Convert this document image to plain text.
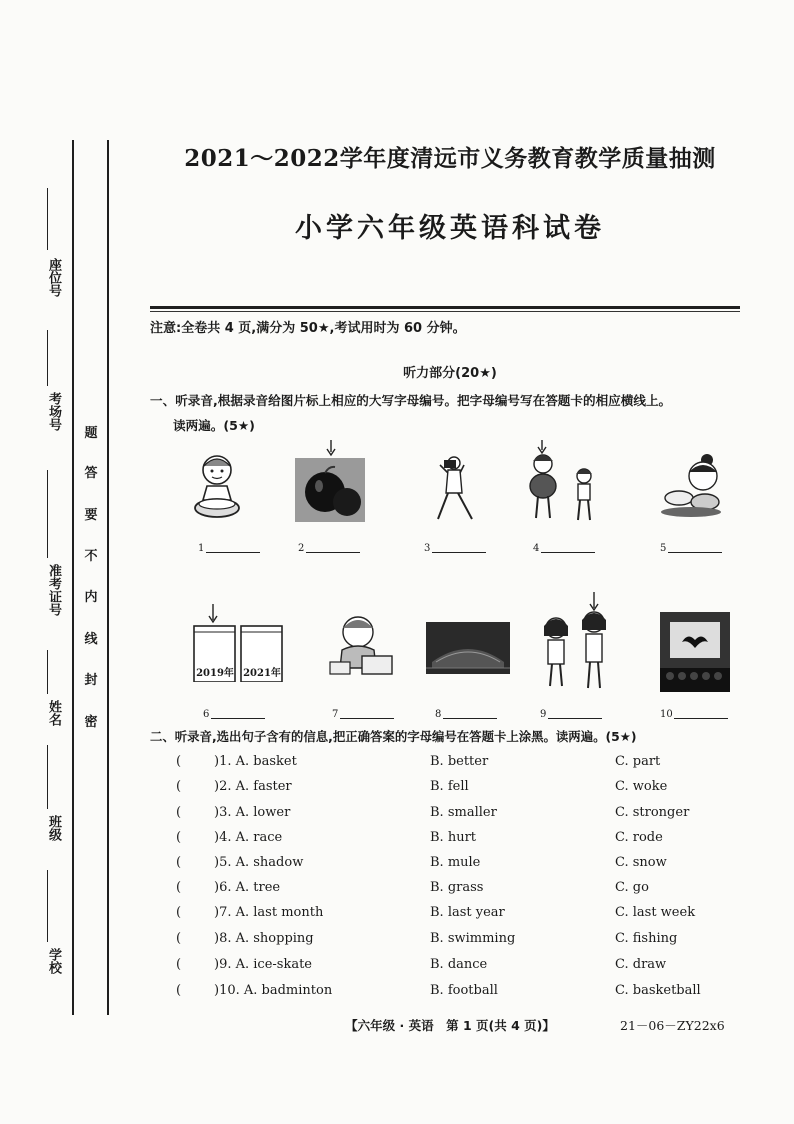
座位号
考场号
准考证号
姓名
班级
学校
题
答
要
不
内
线
封
密
2021～2022学年度清远市义务教育教学质量抽测
小学六年级英语科试卷
注意:全卷共 4 页,满分为 50★,考试用时为 60 分钟。
听力部分(20★)
一、听录音,根据录音给图片标上相应的大写字母编号。把字母编号写在答题卡的相应横线上。
读两遍。(5★)
1	2	3	4	5
2019年 2021年
6	7	8	9	10
二、听录音,选出句子含有的信息,把正确答案的字母编号在答题卡上涂黑。读两遍。(5★)
(	)1. A. basket	B. better	C. part
(	)2. A. faster	B. fell	C. woke
(	)3. A. lower	B. smaller	C. stronger
(	)4. A. race	B. hurt	C. rode
(	)5. A. shadow	B. mule	C. snow
(	)6. A. tree	B. grass	C. go
(	)7. A. last month	B. last year	C. last week
(	)8. A. shopping	B. swimming	C. fishing
(	)9. A. ice-skate	B. dance	C. draw
(	)10. A. badminton	B. football	C. basketball
【六年级 · 英语　第 1 页(共 4 页)】	21－06－ZY22x6
